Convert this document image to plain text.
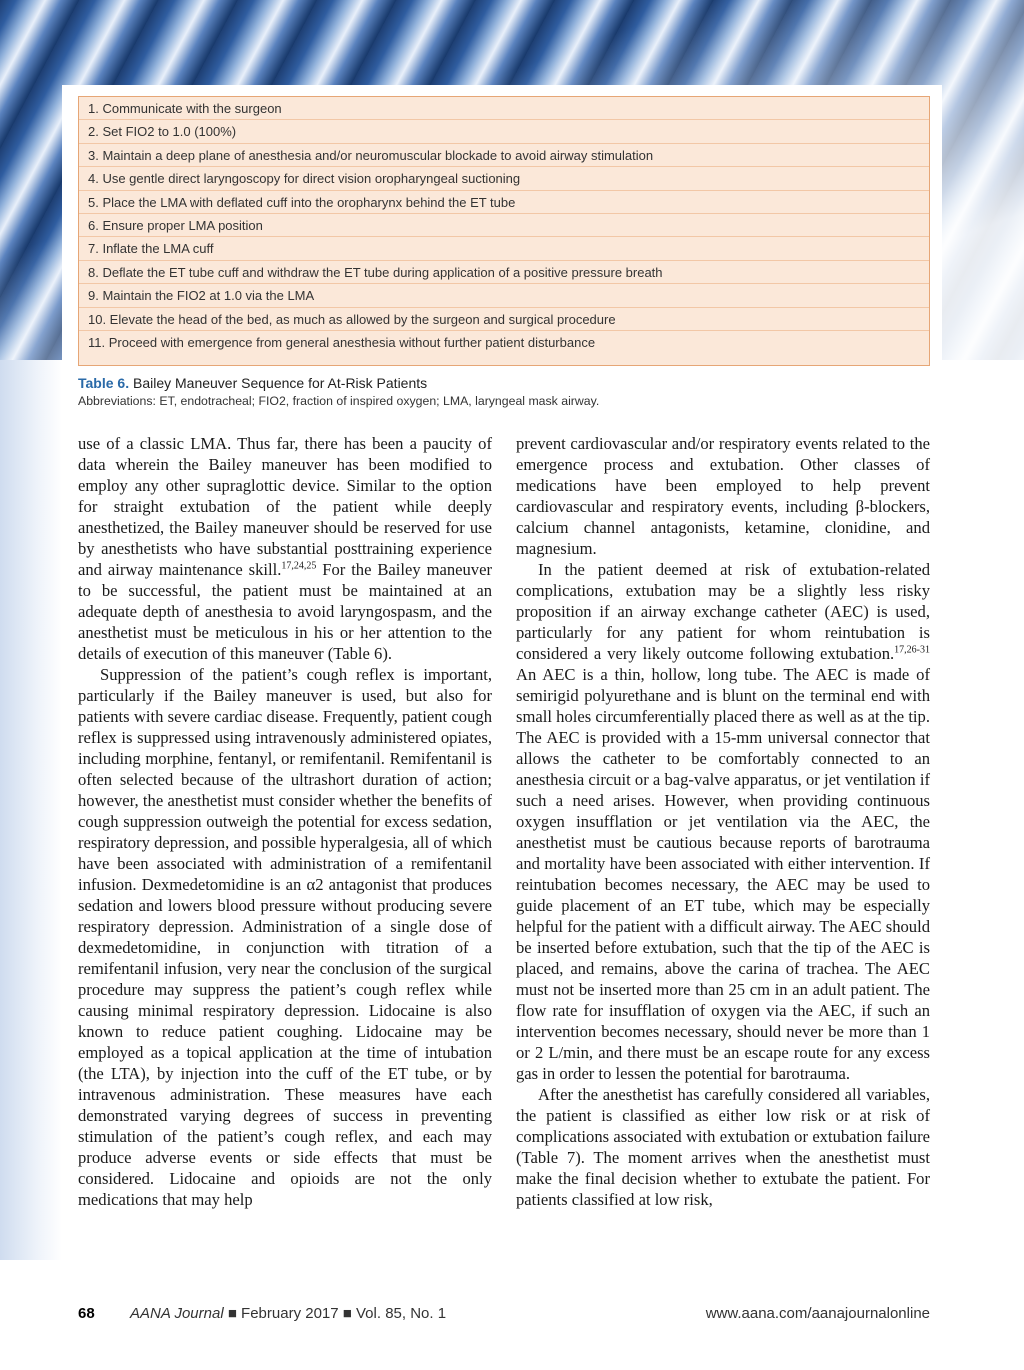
1. Communicate with the surgeon
2. Set FIO2 to 1.0 (100%)
3. Maintain a deep plane of anesthesia and/or neuromuscular blockade to avoid airway stimulation
4. Use gentle direct laryngoscopy for direct vision oropharyngeal suctioning
5. Place the LMA with deflated cuff into the oropharynx behind the ET tube
6. Ensure proper LMA position
7. Inflate the LMA cuff
8. Deflate the ET tube cuff and withdraw the ET tube during application of a positive pressure breath
9. Maintain the FIO2 at 1.0 via the LMA
10. Elevate the head of the bed, as much as allowed by the surgeon and surgical procedure
11. Proceed with emergence from general anesthesia without further patient disturbance
Table 6. Bailey Maneuver Sequence for At-Risk Patients
Abbreviations: ET, endotracheal; FIO2, fraction of inspired oxygen; LMA, laryngeal mask airway.

use of a classic LMA. Thus far, there has been a paucity of data wherein the Bailey maneuver has been modified to employ any other supraglottic device. Similar to the option for straight extubation of the patient while deeply anesthetized, the Bailey maneuver should be reserved for use by anesthetists who have substantial posttraining experience and airway maintenance skill.$^{17,24,25}$ For the Bailey maneuver to be successful, the patient must be maintained at an adequate depth of anesthesia to avoid laryngospasm, and the anesthetist must be meticulous in his or her attention to the details of execution of this maneuver (Table 6).

Suppression of the patient’s cough reflex is important, particularly if the Bailey maneuver is used, but also for patients with severe cardiac disease. Frequently, patient cough reflex is suppressed using intravenously administered opiates, including morphine, fentanyl, or remifentanil. Remifentanil is often selected because of the ultrashort duration of action; however, the anesthetist must consider whether the benefits of cough suppression outweigh the potential for excess sedation, respiratory depression, and possible hyperalgesia, all of which have been associated with administration of a remifentanil infusion. Dexmedetomidine is an α2 antagonist that produces sedation and lowers blood pressure without producing severe respiratory depression. Administration of a single dose of dexmedetomidine, in conjunction with titration of a remifentanil infusion, very near the conclusion of the surgical procedure may suppress the patient’s cough reflex while causing minimal respiratory depression. Lidocaine is also known to reduce patient coughing. Lidocaine may be employed as a topical application at the time of intubation (the LTA), by injection into the cuff of the ET tube, or by intravenous administration. These measures have each demonstrated varying degrees of success in preventing stimulation of the patient’s cough reflex, and each may produce adverse events or side effects that must be considered. Lidocaine and opioids are not the only medications that may help

prevent cardiovascular and/or respiratory events related to the emergence process and extubation. Other classes of medications have been employed to help prevent cardiovascular and respiratory events, including β-blockers, calcium channel antagonists, ketamine, clonidine, and magnesium.

In the patient deemed at risk of extubation-related complications, extubation may be a slightly less risky proposition if an airway exchange catheter (AEC) is used, particularly for any patient for whom reintubation is considered a very likely outcome following extubation.$^{17,26-31}$ An AEC is a thin, hollow, long tube. The AEC is made of semirigid polyurethane and is blunt on the terminal end with small holes circumferentially placed there as well as at the tip. The AEC is provided with a 15-mm universal connector that allows the catheter to be comfortably connected to an anesthesia circuit or a bag-valve apparatus, or jet ventilation if such a need arises. However, when providing continuous oxygen insufflation or jet ventilation via the AEC, the anesthetist must be cautious because reports of barotrauma and mortality have been associated with either intervention. If reintubation becomes necessary, the AEC may be used to guide placement of an ET tube, which may be especially helpful for the patient with a difficult airway. The AEC should be inserted before extubation, such that the tip of the AEC is placed, and remains, above the carina of trachea. The AEC must not be inserted more than 25 cm in an adult patient. The flow rate for insufflation of oxygen via the AEC, if such an intervention becomes necessary, should never be more than 1 or 2 L/min, and there must be an escape route for any excess gas in order to lessen the potential for barotrauma.

After the anesthetist has carefully considered all variables, the patient is classified as either low risk or at risk of complications associated with extubation or extubation failure (Table 7). The moment arrives when the anesthetist must make the final decision whether to extubate the patient. For patients classified at low risk,

68 AANA Journal ■ February 2017 ■ Vol. 85, No. 1	www.aana.com/aanajournalonline
